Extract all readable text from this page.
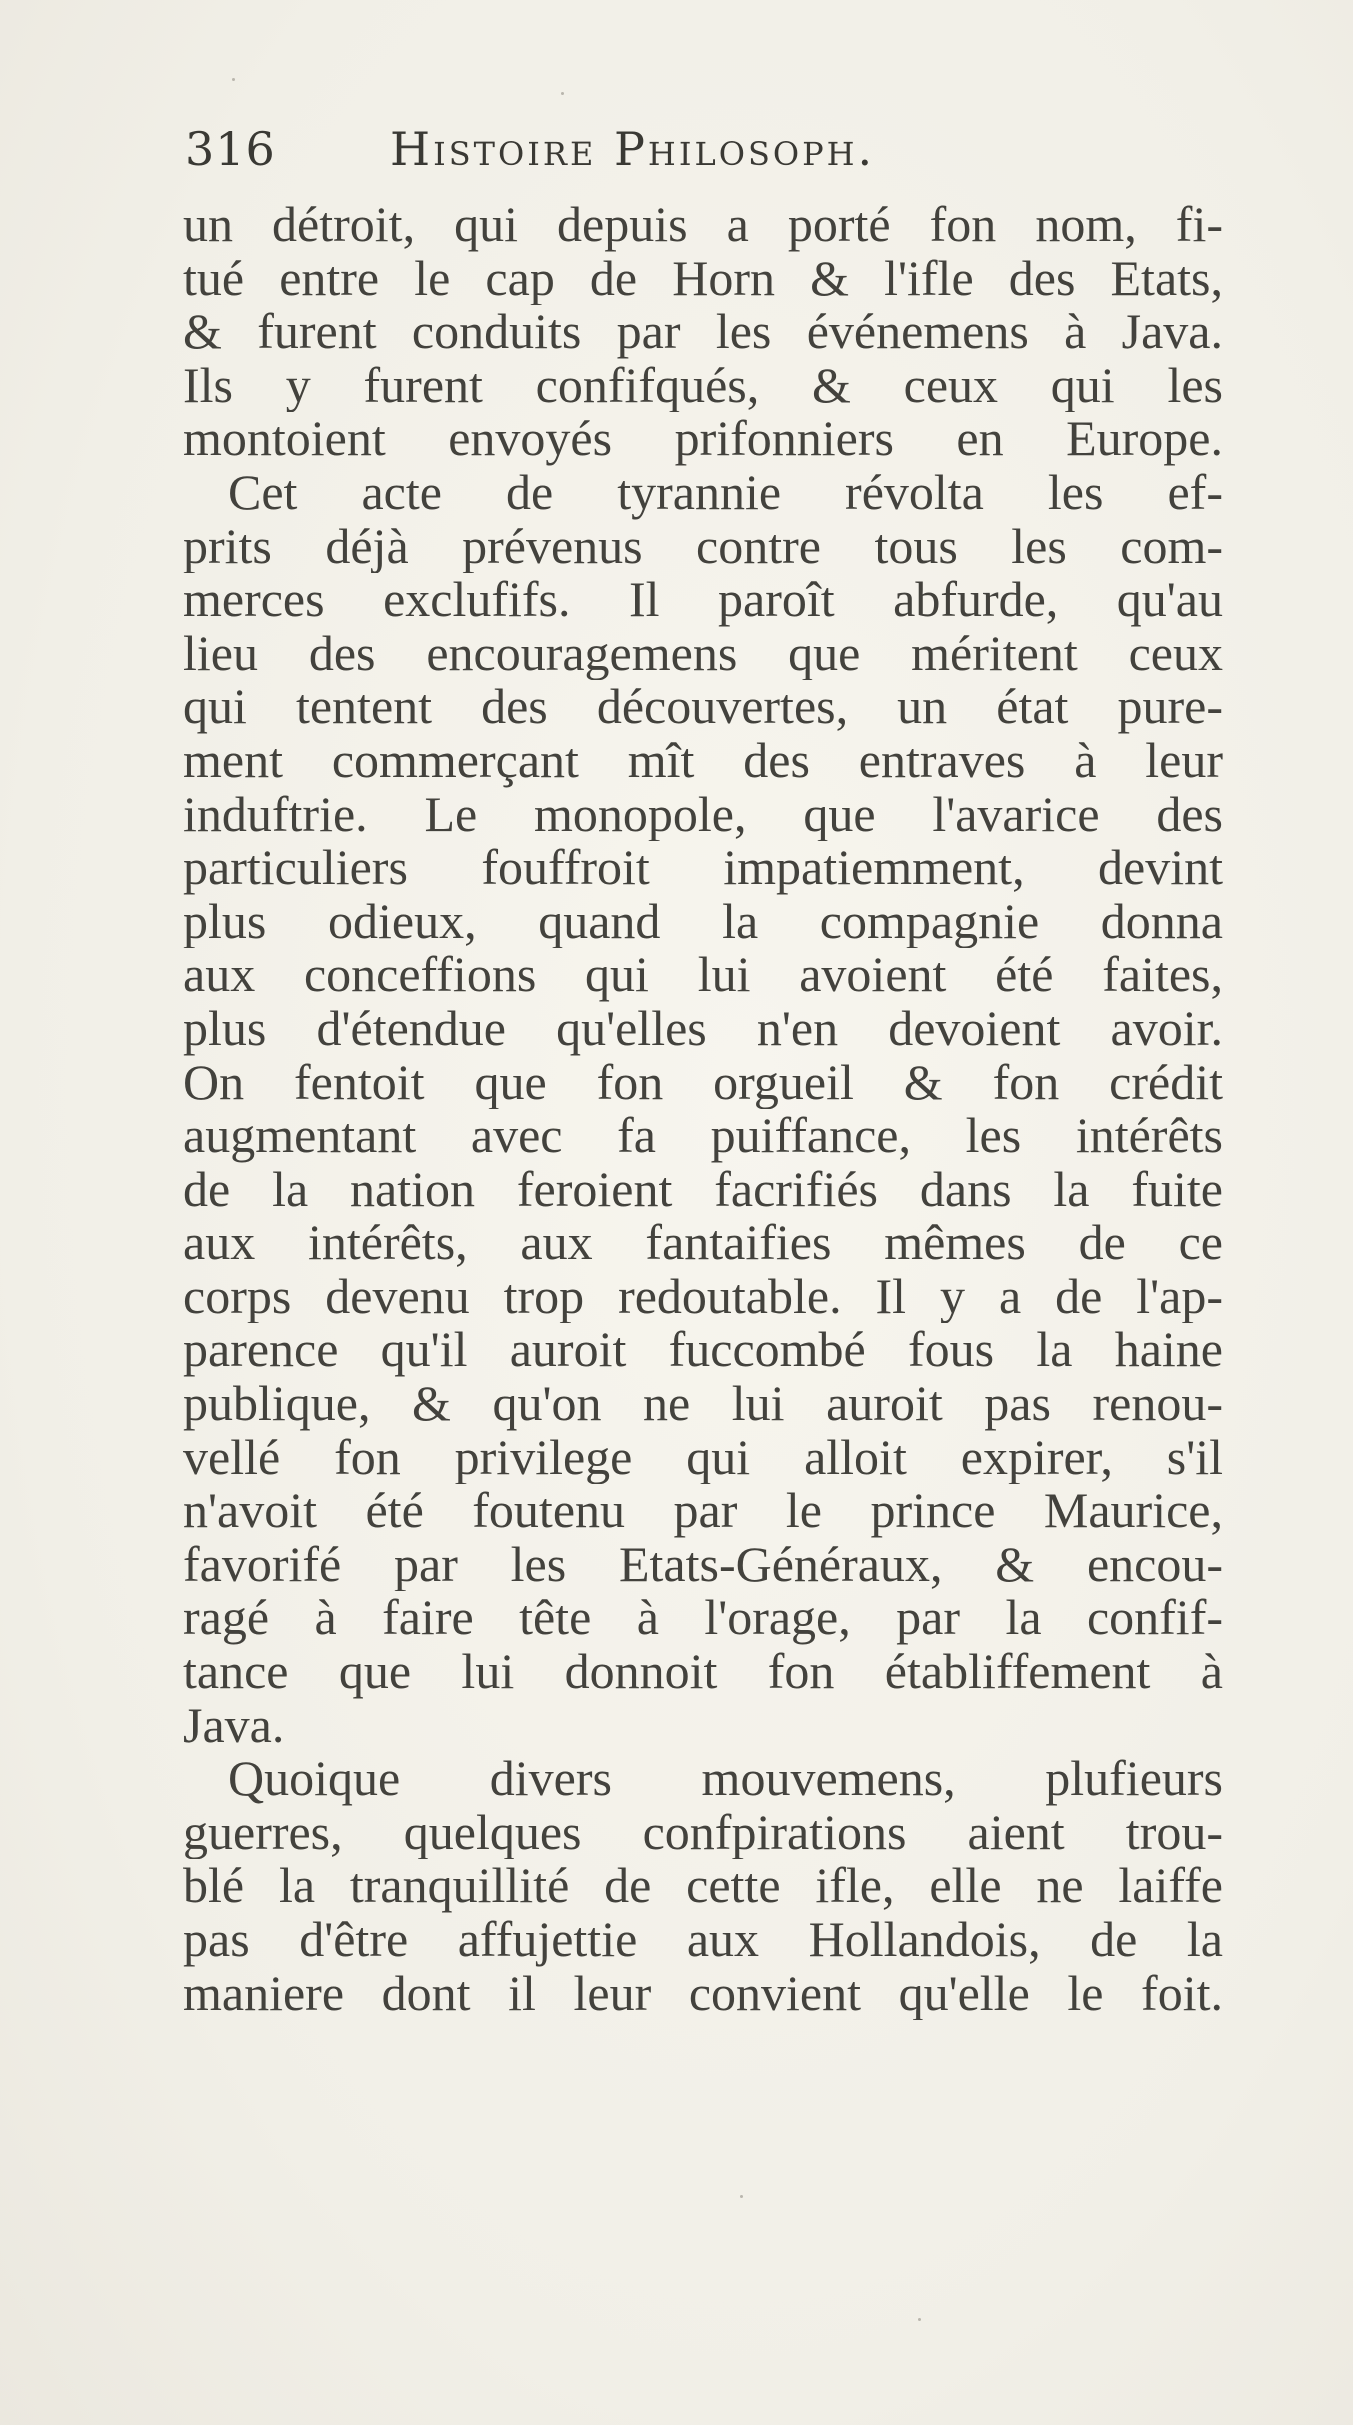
316 Histoire Philosoph.
un détroit, qui depuis a porté fon nom, fi-
tué entre le cap de Horn & l'ifle des Etats,
& furent conduits par les événemens à Java.
Ils y furent confifqués, & ceux qui les
montoient envoyés prifonniers en Europe.
Cet acte de tyrannie révolta les ef-
prits déjà prévenus contre tous les com-
merces exclufifs. Il paroît abfurde, qu'au
lieu des encouragemens que méritent ceux
qui tentent des découvertes, un état pure-
ment commerçant mît des entraves à leur
induftrie. Le monopole, que l'avarice des
particuliers fouffroit impatiemment, devint
plus odieux, quand la compagnie donna
aux conceffions qui lui avoient été faites,
plus d'étendue qu'elles n'en devoient avoir.
On fentoit que fon orgueil & fon crédit
augmentant avec fa puiffance, les intérêts
de la nation feroient facrifiés dans la fuite
aux intérêts, aux fantaifies mêmes de ce
corps devenu trop redoutable. Il y a de l'ap-
parence qu'il auroit fuccombé fous la haine
publique, & qu'on ne lui auroit pas renou-
vellé fon privilege qui alloit expirer, s'il
n'avoit été foutenu par le prince Maurice,
favorifé par les Etats-Généraux, & encou-
ragé à faire tête à l'orage, par la confif-
tance que lui donnoit fon établiffement à
Java.
Quoique divers mouvemens, plufieurs
guerres, quelques confpirations aient trou-
blé la tranquillité de cette ifle, elle ne laiffe
pas d'être affujettie aux Hollandois, de la
maniere dont il leur convient qu'elle le foit.
